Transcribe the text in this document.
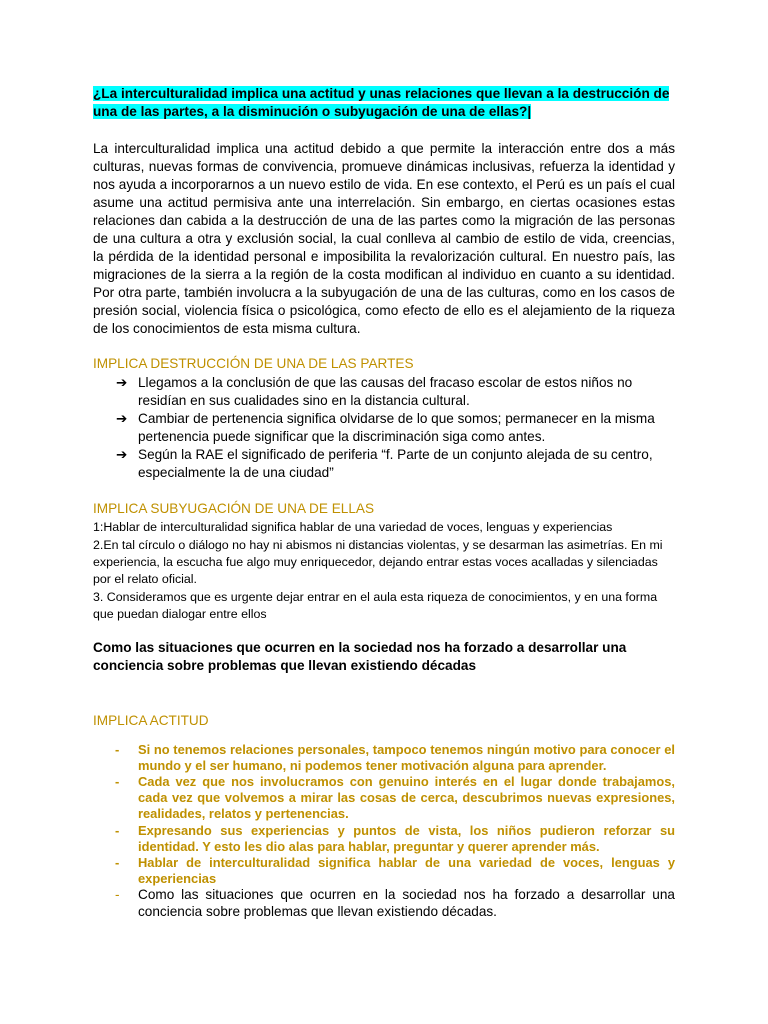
¿La interculturalidad implica una actitud y unas relaciones que llevan a la destrucción de una de las partes, a la disminución o subyugación de una de ellas?|

La interculturalidad implica una actitud debido a que permite la interacción entre dos a más culturas, nuevas formas de convivencia, promueve dinámicas inclusivas, refuerza la identidad y nos ayuda a incorporarnos a un nuevo estilo de vida. En ese contexto, el Perú es un país el cual asume una actitud permisiva ante una interrelación. Sin embargo, en ciertas ocasiones estas relaciones dan cabida a la destrucción de una de las partes como la migración de las personas de una cultura a otra y exclusión social, la cual conlleva al cambio de estilo de vida, creencias, la pérdida de la identidad personal e imposibilita la revalorización cultural. En nuestro país, las migraciones de la sierra a la región de la costa modifican al individuo en cuanto a su identidad. Por otra parte, también involucra a la subyugación de una de las culturas, como en los casos de presión social, violencia física o psicológica, como efecto de ello es el alejamiento de la riqueza de los conocimientos de esta misma cultura.

IMPLICA DESTRUCCIÓN DE UNA DE LAS PARTES
➔ Llegamos a la conclusión de que las causas del fracaso escolar de estos niños no residían en sus cualidades sino en la distancia cultural.
➔ Cambiar de pertenencia significa olvidarse de lo que somos; permanecer en la misma pertenencia puede significar que la discriminación siga como antes.
➔ Según la RAE el significado de periferia “f. Parte de un conjunto alejada de su centro, especialmente la de una ciudad”
IMPLICA SUBYUGACIÓN DE UNA DE ELLAS

1:Hablar de interculturalidad significa hablar de una variedad de voces, lenguas y experiencias

2.En tal círculo o diálogo no hay ni abismos ni distancias violentas, y se desarman las asimetrías. En mi experiencia, la escucha fue algo muy enriquecedor, dejando entrar estas voces acalladas y silenciadas por el relato oficial.

3. Consideramos que es urgente dejar entrar en el aula esta riqueza de conocimientos, y en una forma que puedan dialogar entre ellos

Como las situaciones que ocurren en la sociedad nos ha forzado a desarrollar una conciencia sobre problemas que llevan existiendo décadas

IMPLICA ACTITUD
- Si no tenemos relaciones personales, tampoco tenemos ningún motivo para conocer el mundo y el ser humano, ni podemos tener motivación alguna para aprender.
- Cada vez que nos involucramos con genuino interés en el lugar donde trabajamos, cada vez que volvemos a mirar las cosas de cerca, descubrimos nuevas expresiones, realidades, relatos y pertenencias.
- Expresando sus experiencias y puntos de vista, los niños pudieron reforzar su identidad. Y esto les dio alas para hablar, preguntar y querer aprender más.
- Hablar de interculturalidad significa hablar de una variedad de voces, lenguas y experiencias
- Como las situaciones que ocurren en la sociedad nos ha forzado a desarrollar una conciencia sobre problemas que llevan existiendo décadas.
